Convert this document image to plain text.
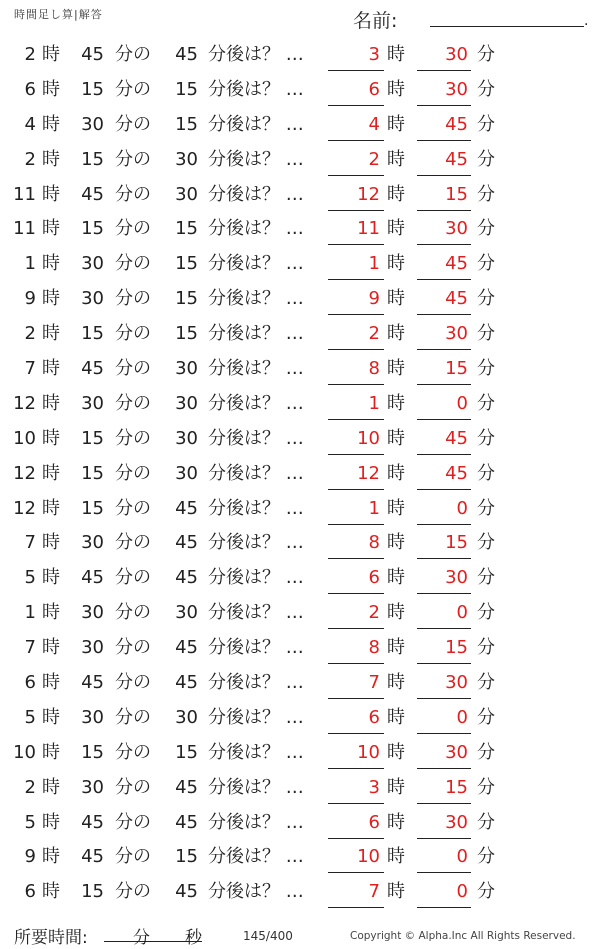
時間足し算|解答	名前:	.
2 時	45 分の	45 分後は？ …	3 時	30 分
6 時	15 分の	15 分後は？ …	6 時	30 分
4 時	30 分の	15 分後は？ …	4 時	45 分
2 時	15 分の	30 分後は？ …	2 時	45 分
11 時	45 分の	30 分後は？ …	12 時	15 分
11 時	15 分の	15 分後は？ …	11 時	30 分
1 時	30 分の	15 分後は？ …	1 時	45 分
9 時	30 分の	15 分後は？ …	9 時	45 分
2 時	15 分の	15 分後は？ …	2 時	30 分
7 時	45 分の	30 分後は？ …	8 時	15 分
12 時	30 分の	30 分後は？ …	1 時	0 分
10 時	15 分の	30 分後は？ …	10 時	45 分
12 時	15 分の	30 分後は？ …	12 時	45 分
12 時	15 分の	45 分後は？ …	1 時	0 分
7 時	30 分の	45 分後は？ …	8 時	15 分
5 時	45 分の	45 分後は？ …	6 時	30 分
1 時	30 分の	30 分後は？ …	2 時	0 分
7 時	30 分の	45 分後は？ …	8 時	15 分
6 時	45 分の	45 分後は？ …	7 時	30 分
5 時	30 分の	30 分後は？ …	6 時	0 分
10 時	15 分の	15 分後は？ …	10 時	30 分
2 時	30 分の	45 分後は？ …	3 時	15 分
5 時	45 分の	45 分後は？ …	6 時	30 分
9 時	45 分の	15 分後は？ …	10 時	0 分
6 時	15 分の	45 分後は？ …	7 時	0 分
所要時間:	分 秒	145/400	Copyright © Alpha.Inc All Rights Reserved.
